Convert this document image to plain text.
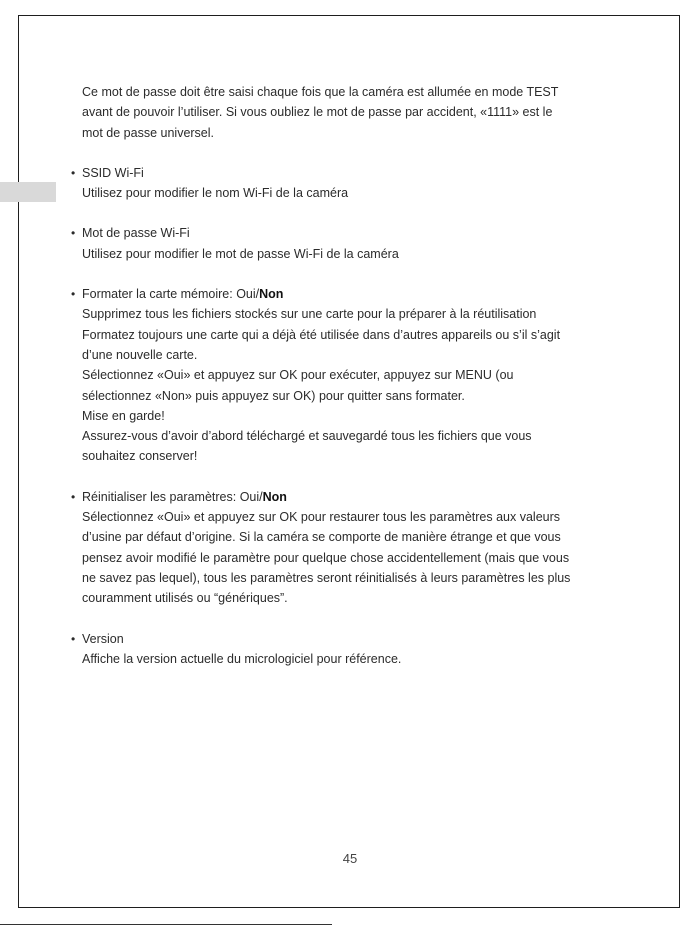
Ce mot de passe doit être saisi chaque fois que la caméra est allumée en mode TEST

avant de pouvoir l’utiliser. Si vous oubliez le mot de passe par accident, «1111» est le

mot de passe universel.

• SSID Wi-Fi

Utilisez pour modifier le nom Wi-Fi de la caméra

• Mot de passe Wi-Fi

Utilisez pour modifier le mot de passe Wi-Fi de la caméra

• Formater la carte mémoire: Oui/Non

Supprimez tous les fichiers stockés sur une carte pour la préparer à la réutilisation

Formatez toujours une carte qui a déjà été utilisée dans d’autres appareils ou s’il s’agit

d’une nouvelle carte.

Sélectionnez «Oui» et appuyez sur OK pour exécuter, appuyez sur MENU (ou

sélectionnez «Non» puis appuyez sur OK) pour quitter sans formater.

Mise en garde!

Assurez-vous d’avoir d’abord téléchargé et sauvegardé tous les fichiers que vous

souhaitez conserver!

• Réinitialiser les paramètres: Oui/Non

Sélectionnez «Oui» et appuyez sur OK pour restaurer tous les paramètres aux valeurs

d’usine par défaut d’origine. Si la caméra se comporte de manière étrange et que vous

pensez avoir modifié le paramètre pour quelque chose accidentellement (mais que vous

ne savez pas lequel), tous les paramètres seront réinitialisés à leurs paramètres les plus

couramment utilisés ou “génériques”.

• Version

Affiche la version actuelle du micrologiciel pour référence.

45
